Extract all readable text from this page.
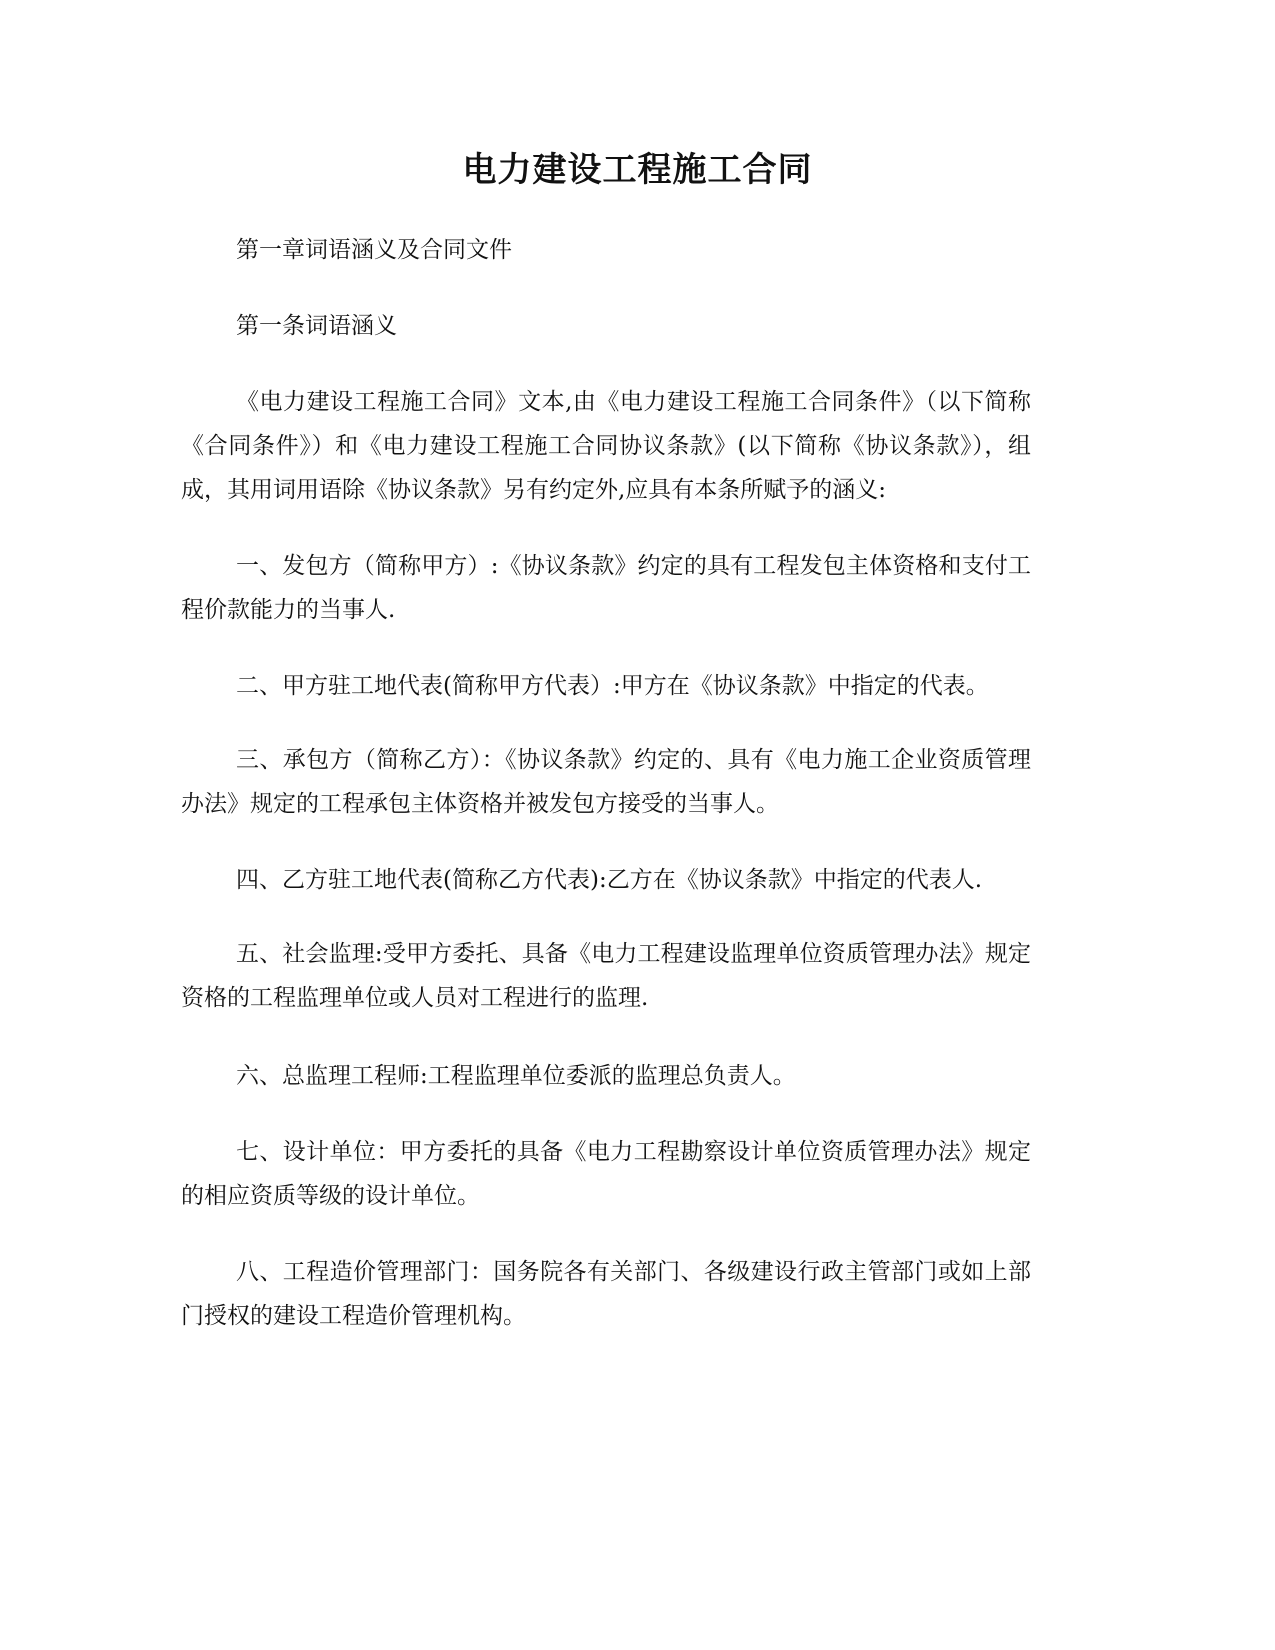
电力建设工程施工合同

第一章词语涵义及合同文件

第一条词语涵义

《电力建设工程施工合同》文本,由《电力建设工程施工合同条件》（以下简称《合同条件》）和《电力建设工程施工合同协议条款》(以下简称《协议条款》），组成，其用词用语除《协议条款》另有约定外,应具有本条所赋予的涵义:

一、发包方（简称甲方）:《协议条款》约定的具有工程发包主体资格和支付工程价款能力的当事人.

二、甲方驻工地代表(简称甲方代表）:甲方在《协议条款》中指定的代表。

三、承包方（简称乙方）：《协议条款》约定的、具有《电力施工企业资质管理办法》规定的工程承包主体资格并被发包方接受的当事人。

四、乙方驻工地代表(简称乙方代表):乙方在《协议条款》中指定的代表人.

五、社会监理:受甲方委托、具备《电力工程建设监理单位资质管理办法》规定资格的工程监理单位或人员对工程进行的监理.

六、总监理工程师:工程监理单位委派的监理总负责人。

七、设计单位：甲方委托的具备《电力工程勘察设计单位资质管理办法》规定的相应资质等级的设计单位。

八、工程造价管理部门：国务院各有关部门、各级建设行政主管部门或如上部门授权的建设工程造价管理机构。
